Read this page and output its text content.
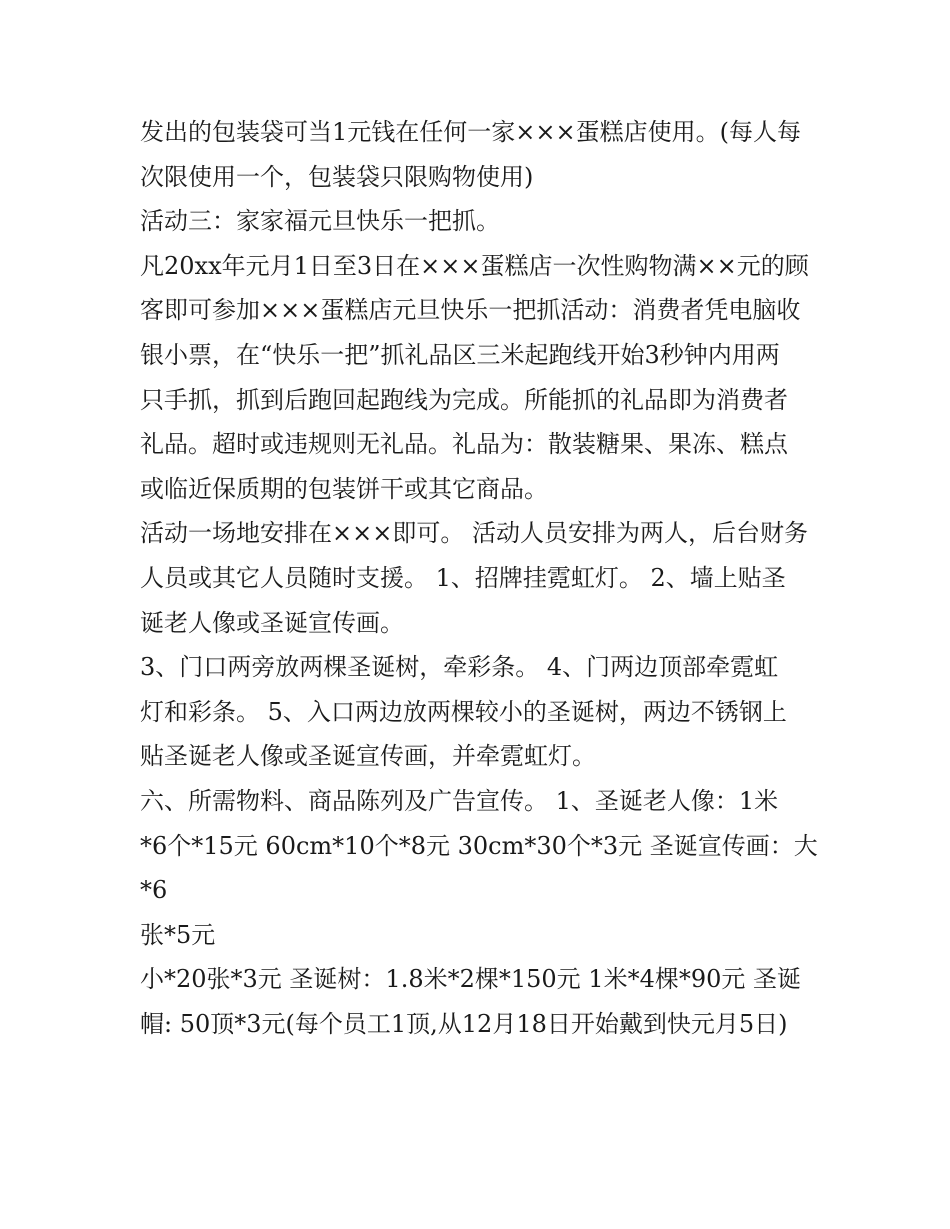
发出的包装袋可当1元钱在任何一家×××蛋糕店使用。(每人每

次限使用一个，包装袋只限购物使用)

活动三：家家福元旦快乐一把抓。

凡20xx年元月1日至3日在×××蛋糕店一次性购物满××元的顾

客即可参加×××蛋糕店元旦快乐一把抓活动：消费者凭电脑收

银小票，在“快乐一把”抓礼品区三米起跑线开始3秒钟内用两

只手抓，抓到后跑回起跑线为完成。所能抓的礼品即为消费者

礼品。超时或违规则无礼品。礼品为：散装糖果、果冻、糕点

或临近保质期的包装饼干或其它商品。

活动一场地安排在×××即可。 活动人员安排为两人，后台财务

人员或其它人员随时支援。 1、招牌挂霓虹灯。 2、墙上贴圣

诞老人像或圣诞宣传画。

3、门口两旁放两棵圣诞树，牵彩条。 4、门两边顶部牵霓虹

灯和彩条。 5、入口两边放两棵较小的圣诞树，两边不锈钢上

贴圣诞老人像或圣诞宣传画，并牵霓虹灯。

六、所需物料、商品陈列及广告宣传。 1、圣诞老人像：1米

*6个*15元 60cm*10个*8元 30cm*30个*3元 圣诞宣传画：大*6

张*5元

小*20张*3元 圣诞树：1.8米*2棵*150元 1米*4棵*90元 圣诞

帽: 50顶*3元(每个员工1顶,从12月18日开始戴到快元月5日)
